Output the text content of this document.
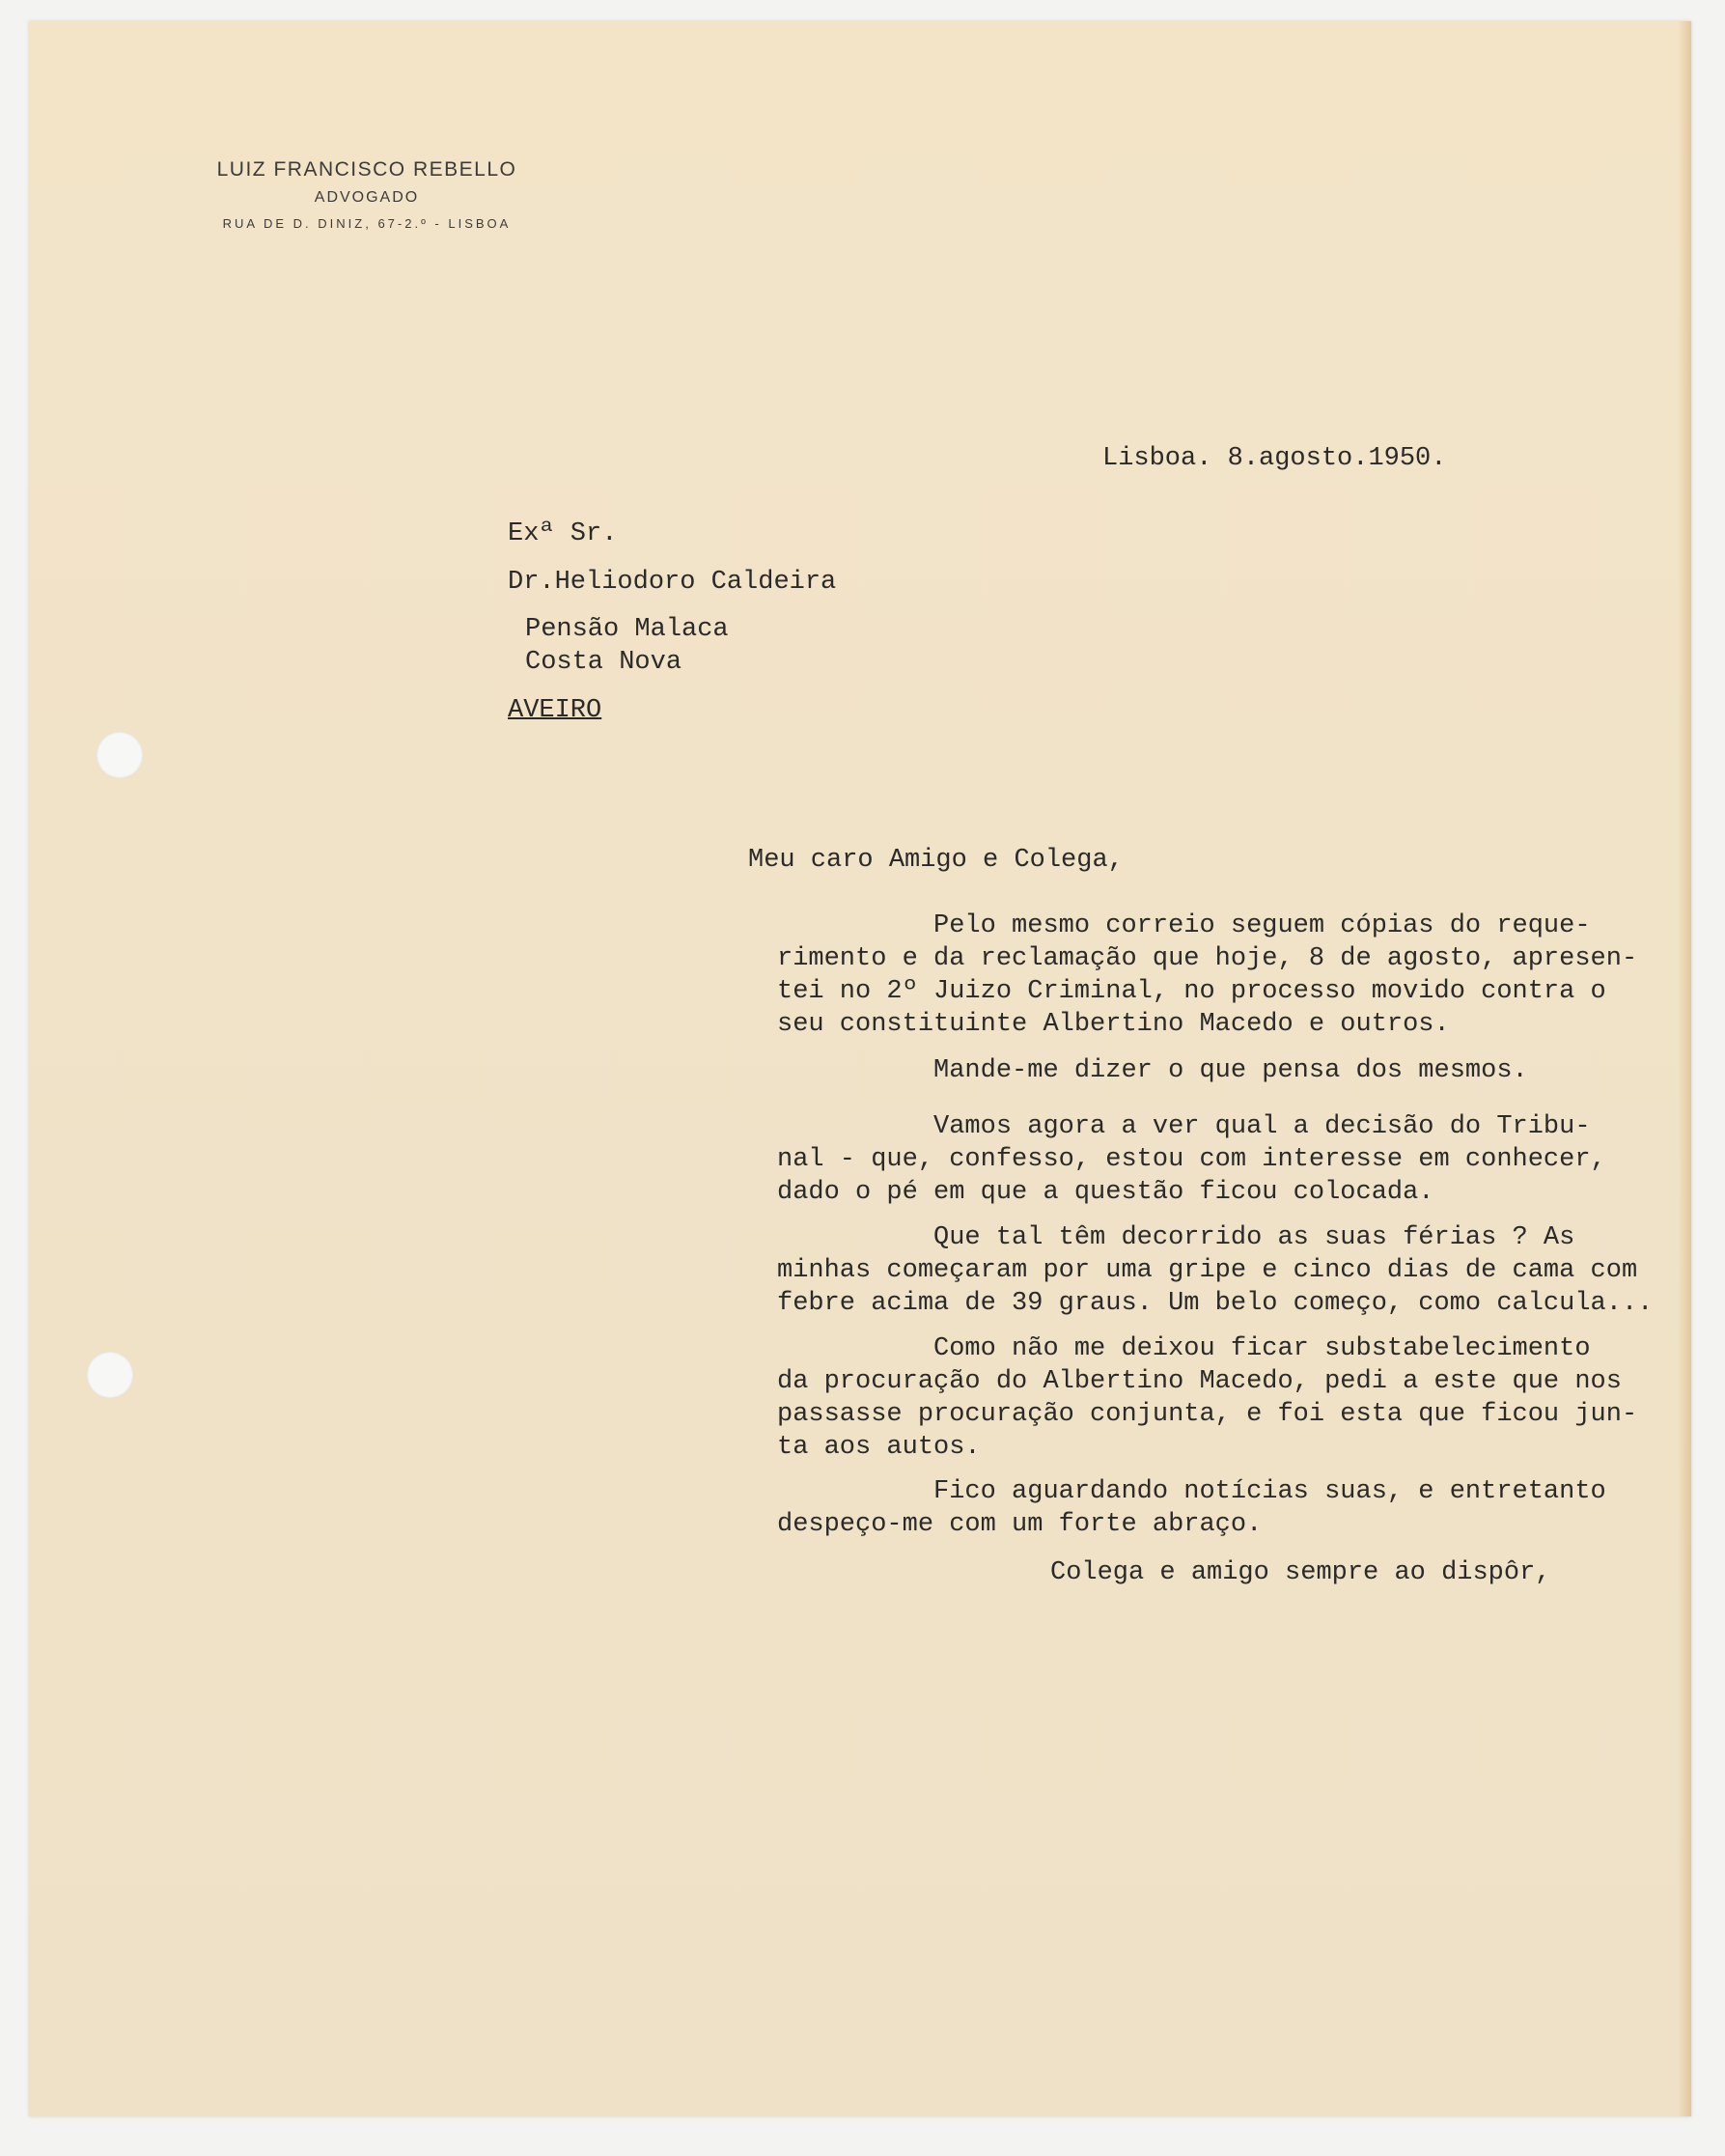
LUIZ FRANCISCO REBELLO
ADVOGADO
RUA DE D. DINIZ, 67-2.º - LISBOA
Lisboa. 8.agosto.1950.
Exª Sr.
Dr.Heliodoro Caldeira
Pensão Malaca
Costa Nova
AVEIRO
Meu caro Amigo e Colega,
Pelo mesmo correio seguem cópias do reque-
rimento e da reclamação que hoje, 8 de agosto, apresen-
tei no 2º Juizo Criminal, no processo movido contra o
seu constituinte Albertino Macedo e outros.
Mande-me dizer o que pensa dos mesmos.
Vamos agora a ver qual a decisão do Tribu-
nal - que, confesso, estou com interesse em conhecer,
dado o pé em que a questão ficou colocada.
Que tal têm decorrido as suas férias ? As
minhas começaram por uma gripe e cinco dias de cama com
febre acima de 39 graus. Um belo começo, como calcula...
Como não me deixou ficar substabelecimento
da procuração do Albertino Macedo, pedi a este que nos
passasse procuração conjunta, e foi esta que ficou jun-
ta aos autos.
Fico aguardando notícias suas, e entretanto
despeço-me com um forte abraço.
Colega e amigo sempre ao dispôr,
